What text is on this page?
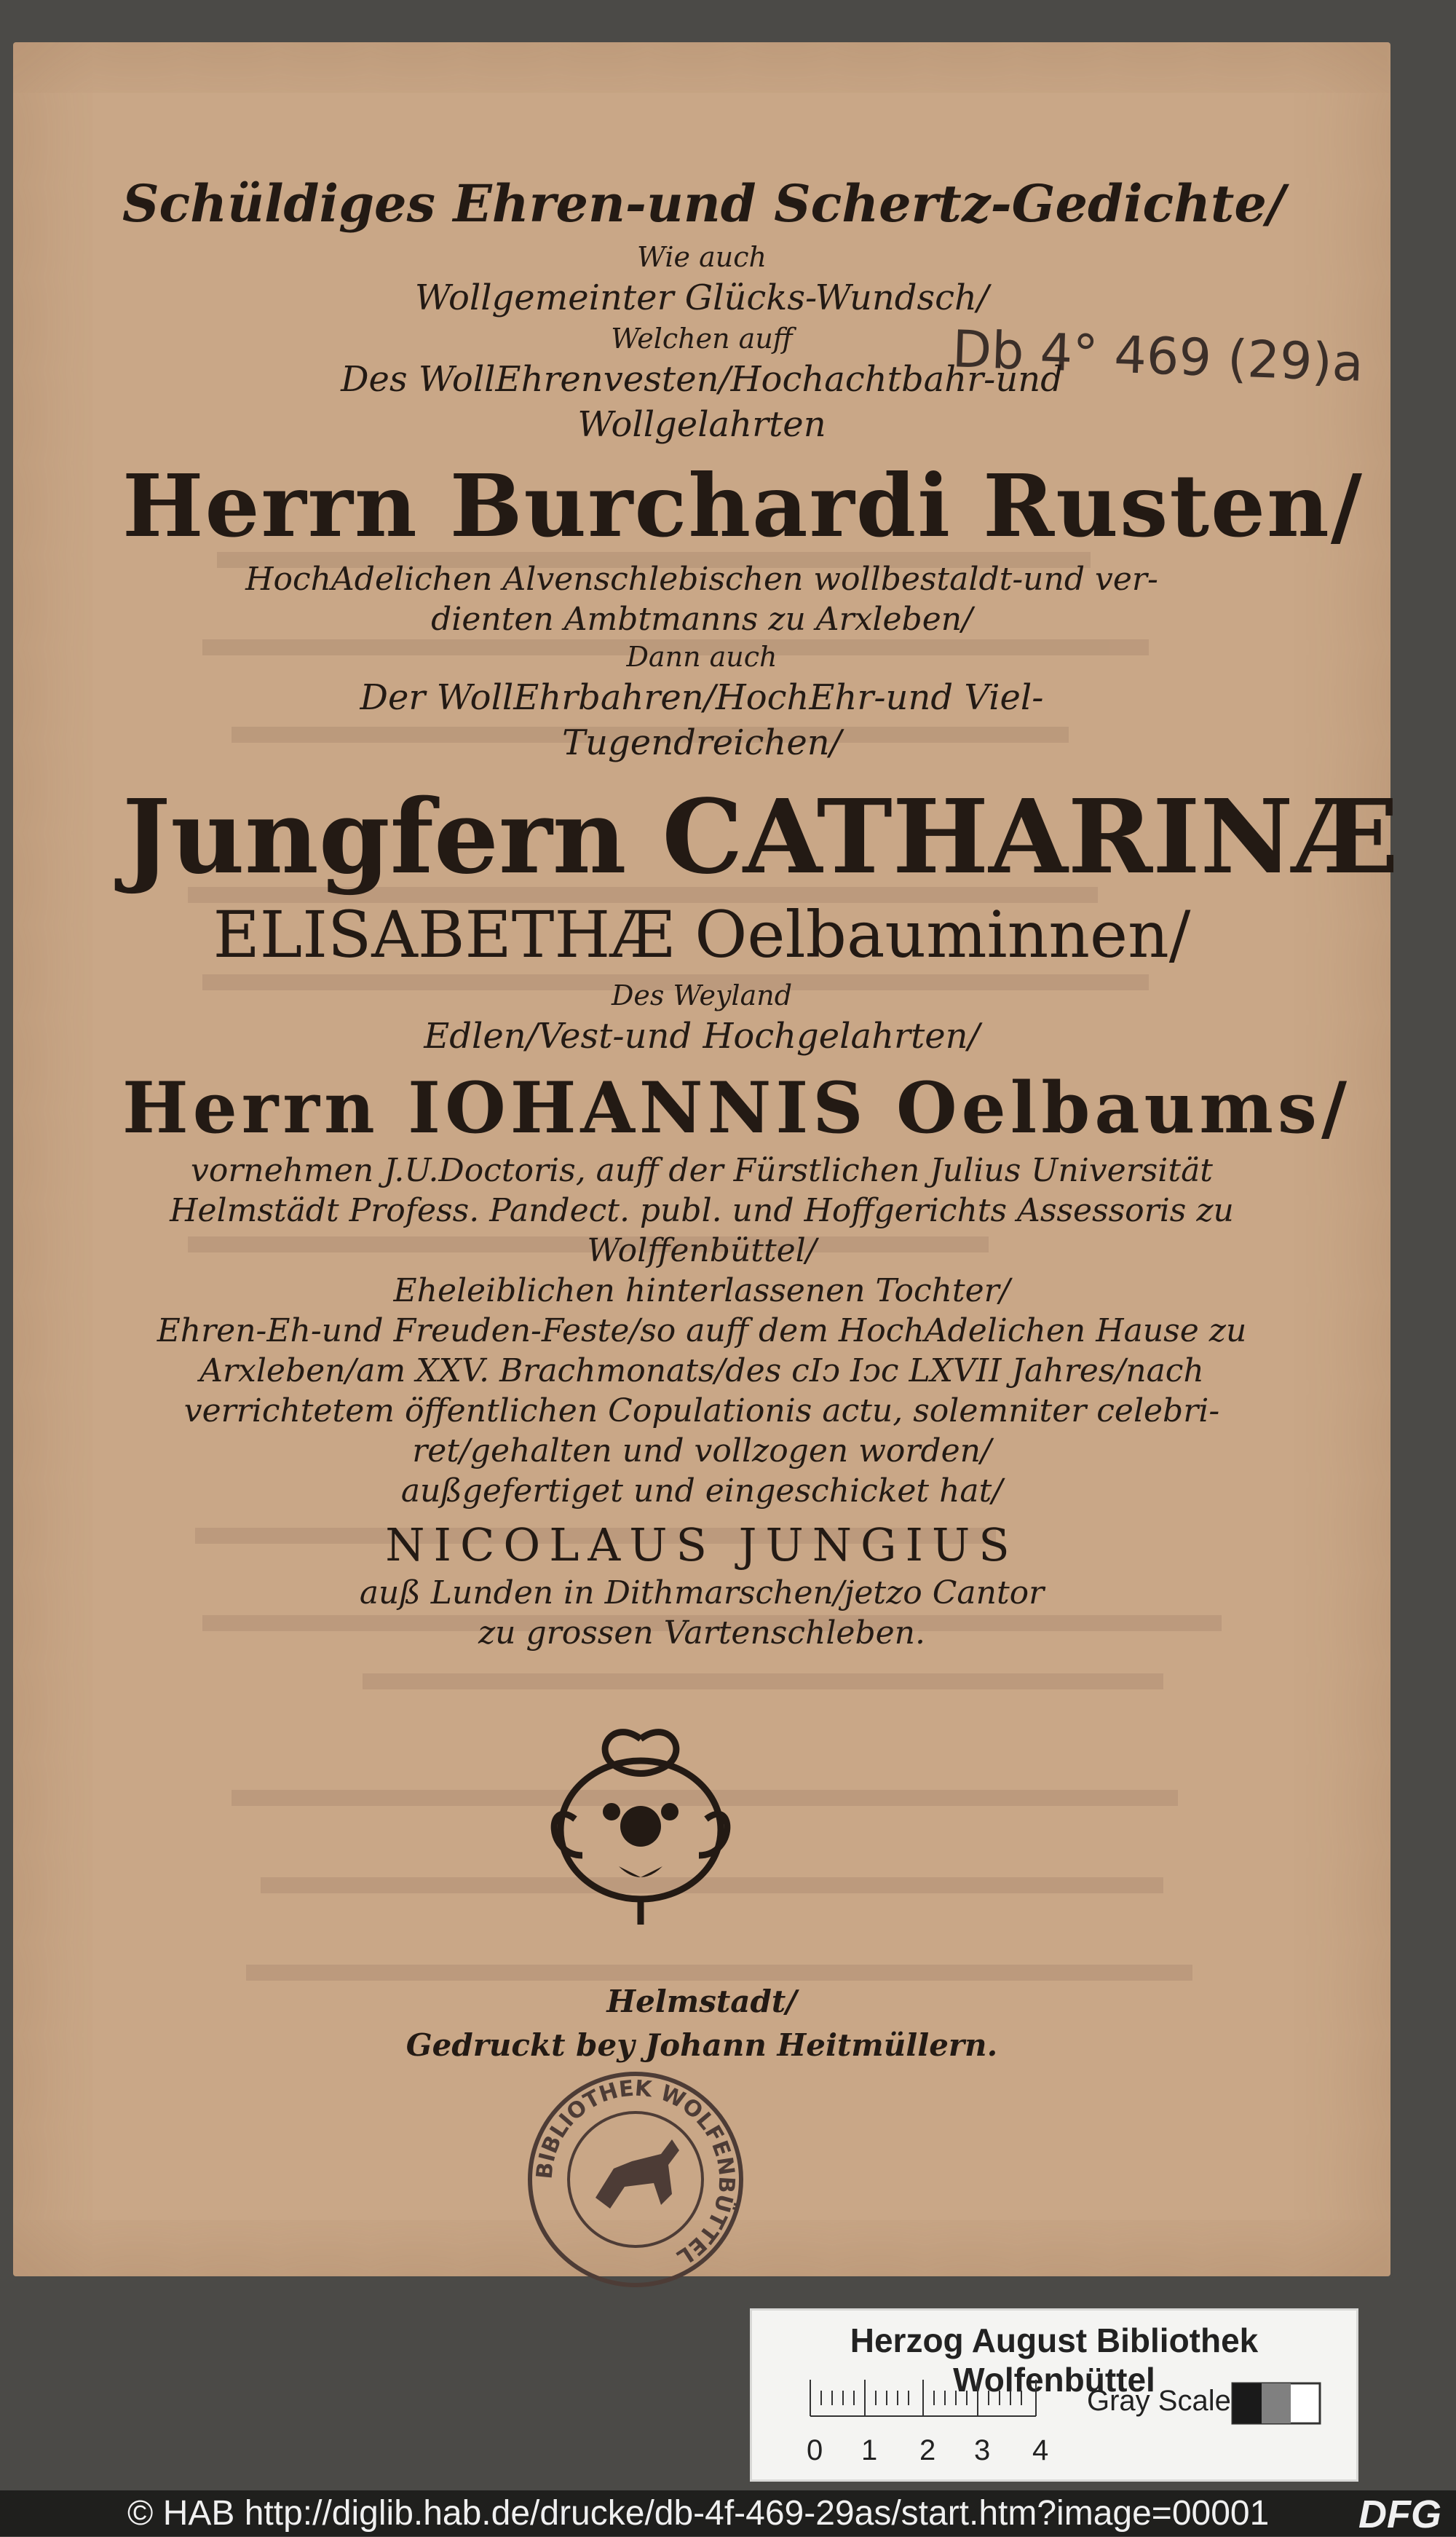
Db 4° 469 (29)a
Schüldiges Ehren-und Schertz-Gedichte/
Wie auch
Wollgemeinter Glücks-Wundsch/
Welchen auff
Des WollEhrenvesten/Hochachtbahr-und
Wollgelahrten
Herrn Burchardi Rusten/
HochAdelichen Alvenschlebischen wollbestaldt-und ver-
dienten Ambtmanns zu Arxleben/
Dann auch
Der WollEhrbahren/HochEhr-und Viel-
Tugendreichen/
Jungfern CATHARINÆ
ELISABETHÆ Oelbauminnen/
Des Weyland
Edlen/Vest-und Hochgelahrten/
Herrn IOHANNIS Oelbaums/
vornehmen J.U.Doctoris, auff der Fürstlichen Julius Universität
Helmstädt Profess. Pandect. publ. und Hoffgerichts Assessoris zu
Wolffenbüttel/
Eheleiblichen hinterlassenen Tochter/
Ehren-Eh-und Freuden-Feste/so auff dem HochAdelichen Hause zu
Arxleben/am XXV. Brachmonats/des cIↄ Iↄc LXVII Jahres/nach
verrichtetem öffentlichen Copulationis actu, solemniter celebri-
ret/gehalten und vollzogen worden/
außgefertiget und eingeschicket hat/
NICOLAUS JUNGIUS
auß Lunden in Dithmarschen/jetzo Cantor
zu grossen Vartenschleben.
Helmstadt/
Gedruckt bey Johann Heitmüllern.
BIBLIOTHEK WOLFENBÜTTEL
Herzog August Bibliothek Wolfenbüttel
0 1 2 3 4
Gray Scale
© HAB http://diglib.hab.de/drucke/db-4f-469-29as/start.htm?image=00001 DFG
